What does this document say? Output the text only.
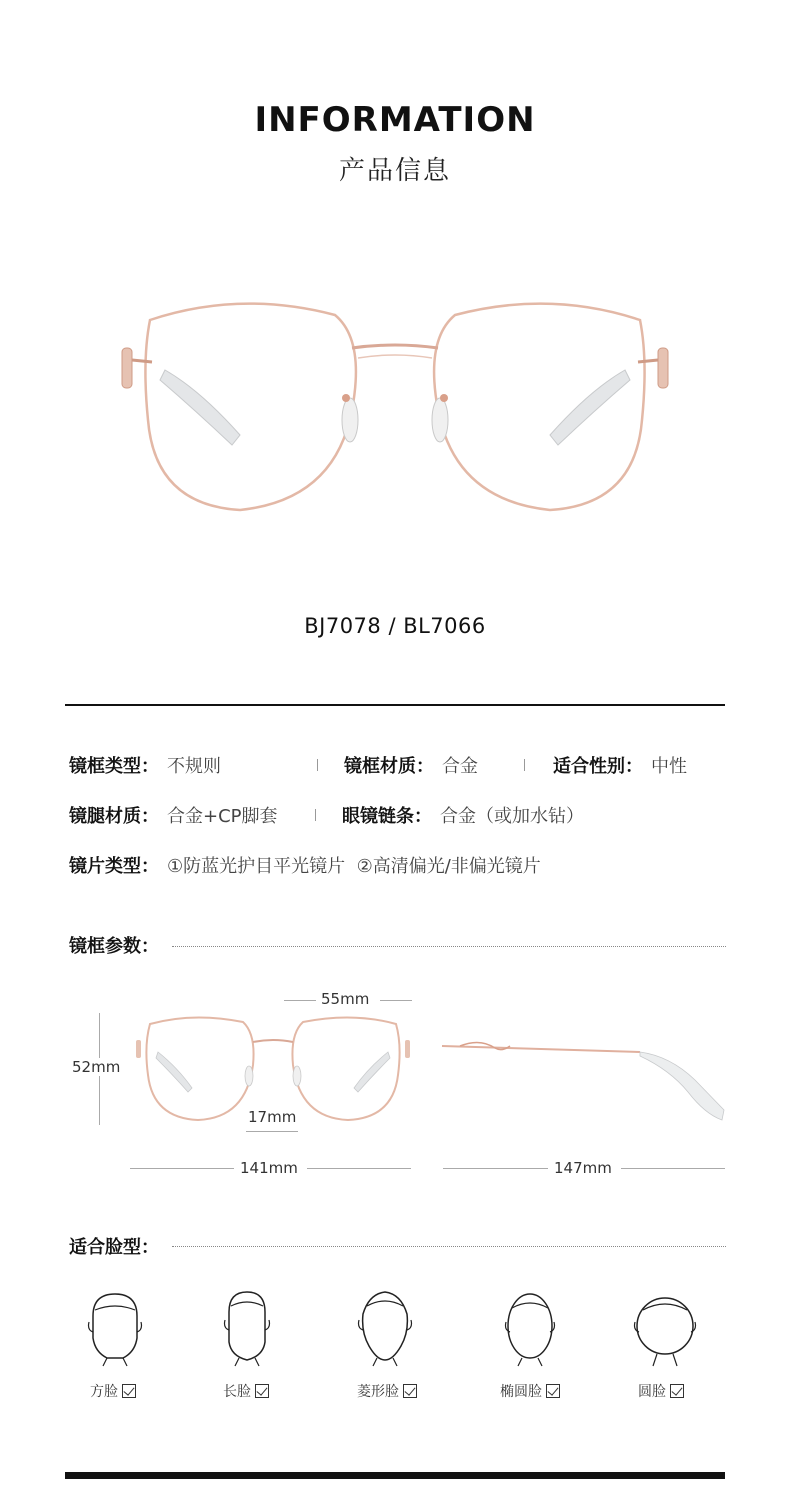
INFORMATION
产品信息
BJ7078 / BL7066
镜框类型： 不规则	镜框材质： 合金	适合性别： 中性
镜腿材质： 合金+CP脚套	眼镜链条： 合金（或加水钻）
镜片类型： ①防蓝光护目平光镜片  ②高清偏光/非偏光镜片
镜框参数：
55mm
52mm
17mm
141mm	147mm
适合脸型：
方脸	长脸	菱形脸	椭圆脸	圆脸
